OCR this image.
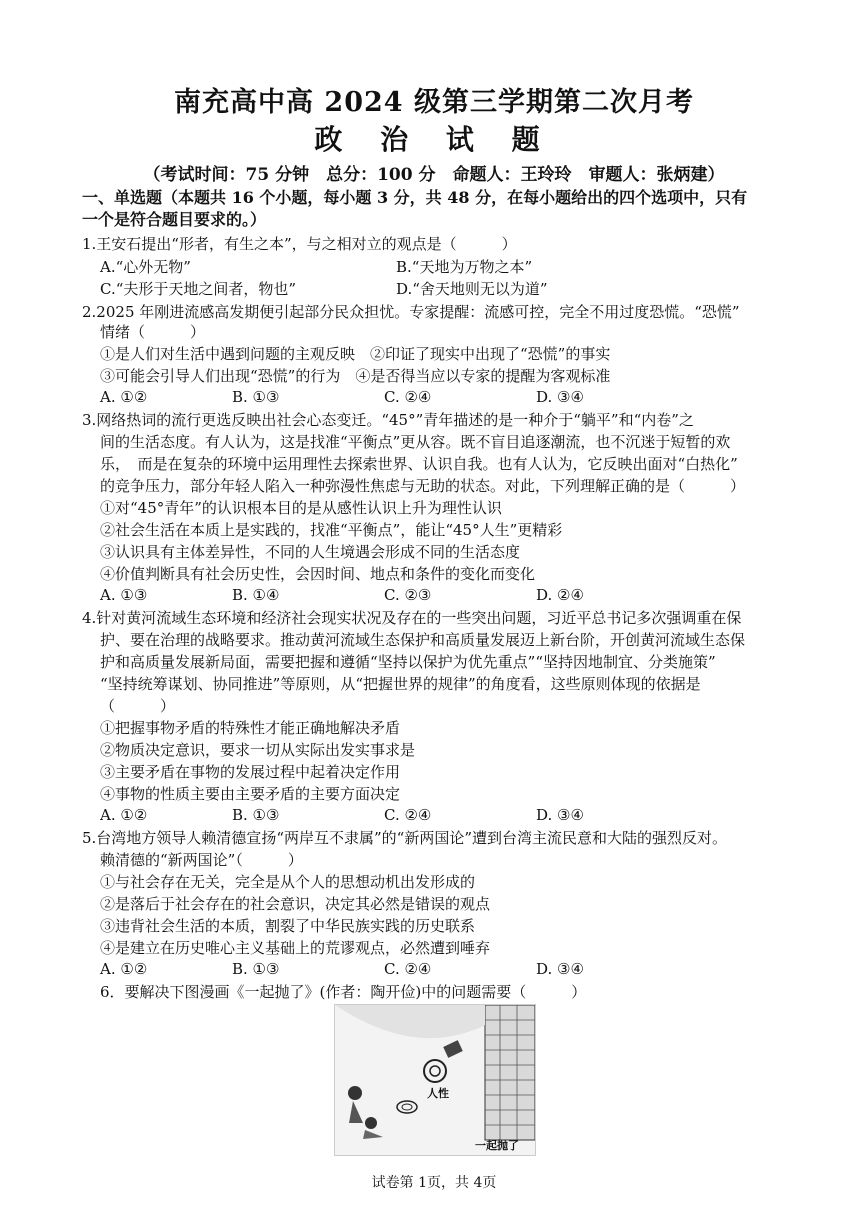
南充高中高 2024 级第三学期第二次月考
政 治 试 题
（考试时间：75 分钟　总分：100 分　命题人：王玲玲　审题人：张炳建）
一、单选题（本题共 16 个小题，每小题 3 分，共 48 分，在每小题给出的四个选项中，只有
一个是符合题目要求的。）
1.王安石提出“形者，有生之本”，与之相对立的观点是（　　　）
A.“心外无物”	B.“天地为万物之本”
C.“夫形于天地之间者，物也”	D.“舍天地则无以为道”
2.2025 年刚进流感高发期便引起部分民众担忧。专家提醒：流感可控，完全不用过度恐慌。“恐慌”
情绪（　　　）
①是人们对生活中遇到问题的主观反映　②印证了现实中出现了“恐慌”的事实
③可能会引导人们出现“恐慌”的行为　④是否得当应以专家的提醒为客观标准
A. ①②	B. ①③	C. ②④	D. ③④
3.网络热词的流行更选反映出社会心态变迁。“45°”青年描述的是一种介于“躺平”和“内卷”之
间的生活态度。有人认为，这是找准“平衡点”更从容。既不盲目追逐潮流，也不沉迷于短暂的欢
乐，　而是在复杂的环境中运用理性去探索世界、认识自我。也有人认为，它反映出面对“白热化”
的竞争压力，部分年轻人陷入一种弥漫性焦虑与无助的状态。对此，下列理解正确的是（　　　）
①对“45°青年”的认识根本目的是从感性认识上升为理性认识
②社会生活在本质上是实践的，找准“平衡点”，能让“45°人生”更精彩
③认识具有主体差异性，不同的人生境遇会形成不同的生活态度
④价值判断具有社会历史性，会因时间、地点和条件的变化而变化
A. ①③	B. ①④	C. ②③	D. ②④
4.针对黄河流域生态环境和经济社会现实状况及存在的一些突出问题，习近平总书记多次强调重在保
护、要在治理的战略要求。推动黄河流域生态保护和高质量发展迈上新台阶，开创黄河流域生态保
护和高质量发展新局面，需要把握和遵循“坚持以保护为优先重点”“坚持因地制宜、分类施策”
“坚持统筹谋划、协同推进”等原则，从“把握世界的规律”的角度看，这些原则体现的依据是
（　　　）
①把握事物矛盾的特殊性才能正确地解决矛盾
②物质决定意识，要求一切从实际出发实事求是
③主要矛盾在事物的发展过程中起着决定作用
④事物的性质主要由主要矛盾的主要方面决定
A. ①②	B. ①③	C. ②④	D. ③④
5.台湾地方领导人赖清德宣扬“两岸互不隶属”的“新两国论”遭到台湾主流民意和大陆的强烈反对。
赖清德的“新两国论”（　　　）
①与社会存在无关，完全是从个人的思想动机出发形成的
②是落后于社会存在的社会意识，决定其必然是错误的观点
③违背社会生活的本质，割裂了中华民族实践的历史联系
④是建立在历史唯心主义基础上的荒谬观点，必然遭到唾弃
A. ①②	B. ①③	C. ②④	D. ③④
6．要解决下图漫画《一起抛了》(作者：陶开俭)中的问题需要（　　　）
人性
一起抛了
试卷第 1页，共 4页
